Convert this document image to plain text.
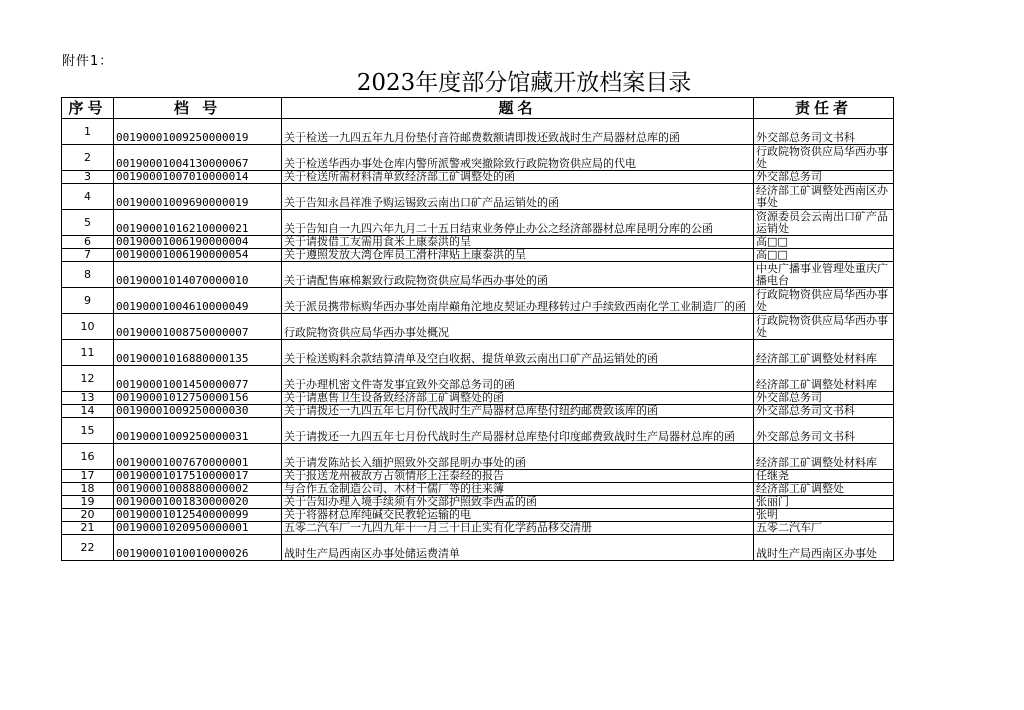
附件1：
2023年度部分馆藏开放档案目录
序号	档 号	题名	责任者
1	00190001009250000019	关于检送一九四五年九月份垫付音符邮费数额请即拨还致战时生产局器材总库的函	外交部总务司文书科
2	00190001004130000067	关于检送华西办事处仓库内警所派警戒突撤除致行政院物资供应局的代电	行政院物资供应局华西办事处
3	00190001007010000014	关于检送所需材料清单致经济部工矿调整处的函	外交部总务司
4	00190001009690000019	关于告知永昌祥准予购运锡致云南出口矿产品运销处的函	经济部工矿调整处西南区办事处
5	00190001016210000021	关于告知自一九四六年九月二十五日结束业务停止办公之经济部器材总库昆明分库的公函	资源委员会云南出口矿产品运销处
6	00190001006190000004	关于请拨借工友需用食米上康泰洪的呈	高□□
7	00190001006190000054	关于遵照发放大湾仓库员工滑杆津贴上康泰洪的呈	高□□
8	00190001014070000010	关于请配售麻棉絮致行政院物资供应局华西办事处的函	中央广播事业管理处重庆广播电台
9	00190001004610000049	关于派员携带标购华西办事处南岸巅角沱地皮契证办理移转过户手续致西南化学工业制造厂的函	行政院物资供应局华西办事处
10	00190001008750000007	行政院物资供应局华西办事处概况	行政院物资供应局华西办事处
11	00190001016880000135	关于检送购料余款结算清单及空白收据、提货单致云南出口矿产品运销处的函	经济部工矿调整处材料库
12	00190001001450000077	关于办理机密文件寄发事宜致外交部总务司的函	经济部工矿调整处材料库
13	00190001012750000156	关于请惠售卫生设备致经济部工矿调整处的函	外交部总务司
14	00190001009250000030	关于请拨还一九四五年七月份代战时生产局器材总库垫付纽约邮费致该库的函	外交部总务司文书科
15	00190001009250000031	关于请拨还一九四五年七月份代战时生产局器材总库垫付印度邮费致战时生产局器材总库的函	外交部总务司文书科
16	00190001007670000001	关于请发陈站长入缅护照致外交部昆明办事处的函	经济部工矿调整处材料库
17	00190001017510000017	关于报送龙州被敌方占领情形上汪泰经的报告	任继尧
18	00190001008880000002	与合作五金制造公司、木材干儒厂等的往来簿	经济部工矿调整处
19	00190001001830000020	关于告知办理入境手续须有外交部护照致李西孟的函	张丽门
20	00190001012540000099	关于将器材总库纯碱交民教轮运输的电	张明
21	00190001020950000001	五零二汽车厂一九四九年十一月三十日止实有化学药品移交清册	五零二汽车厂
22	00190001010010000026	战时生产局西南区办事处储运费清单	战时生产局西南区办事处
